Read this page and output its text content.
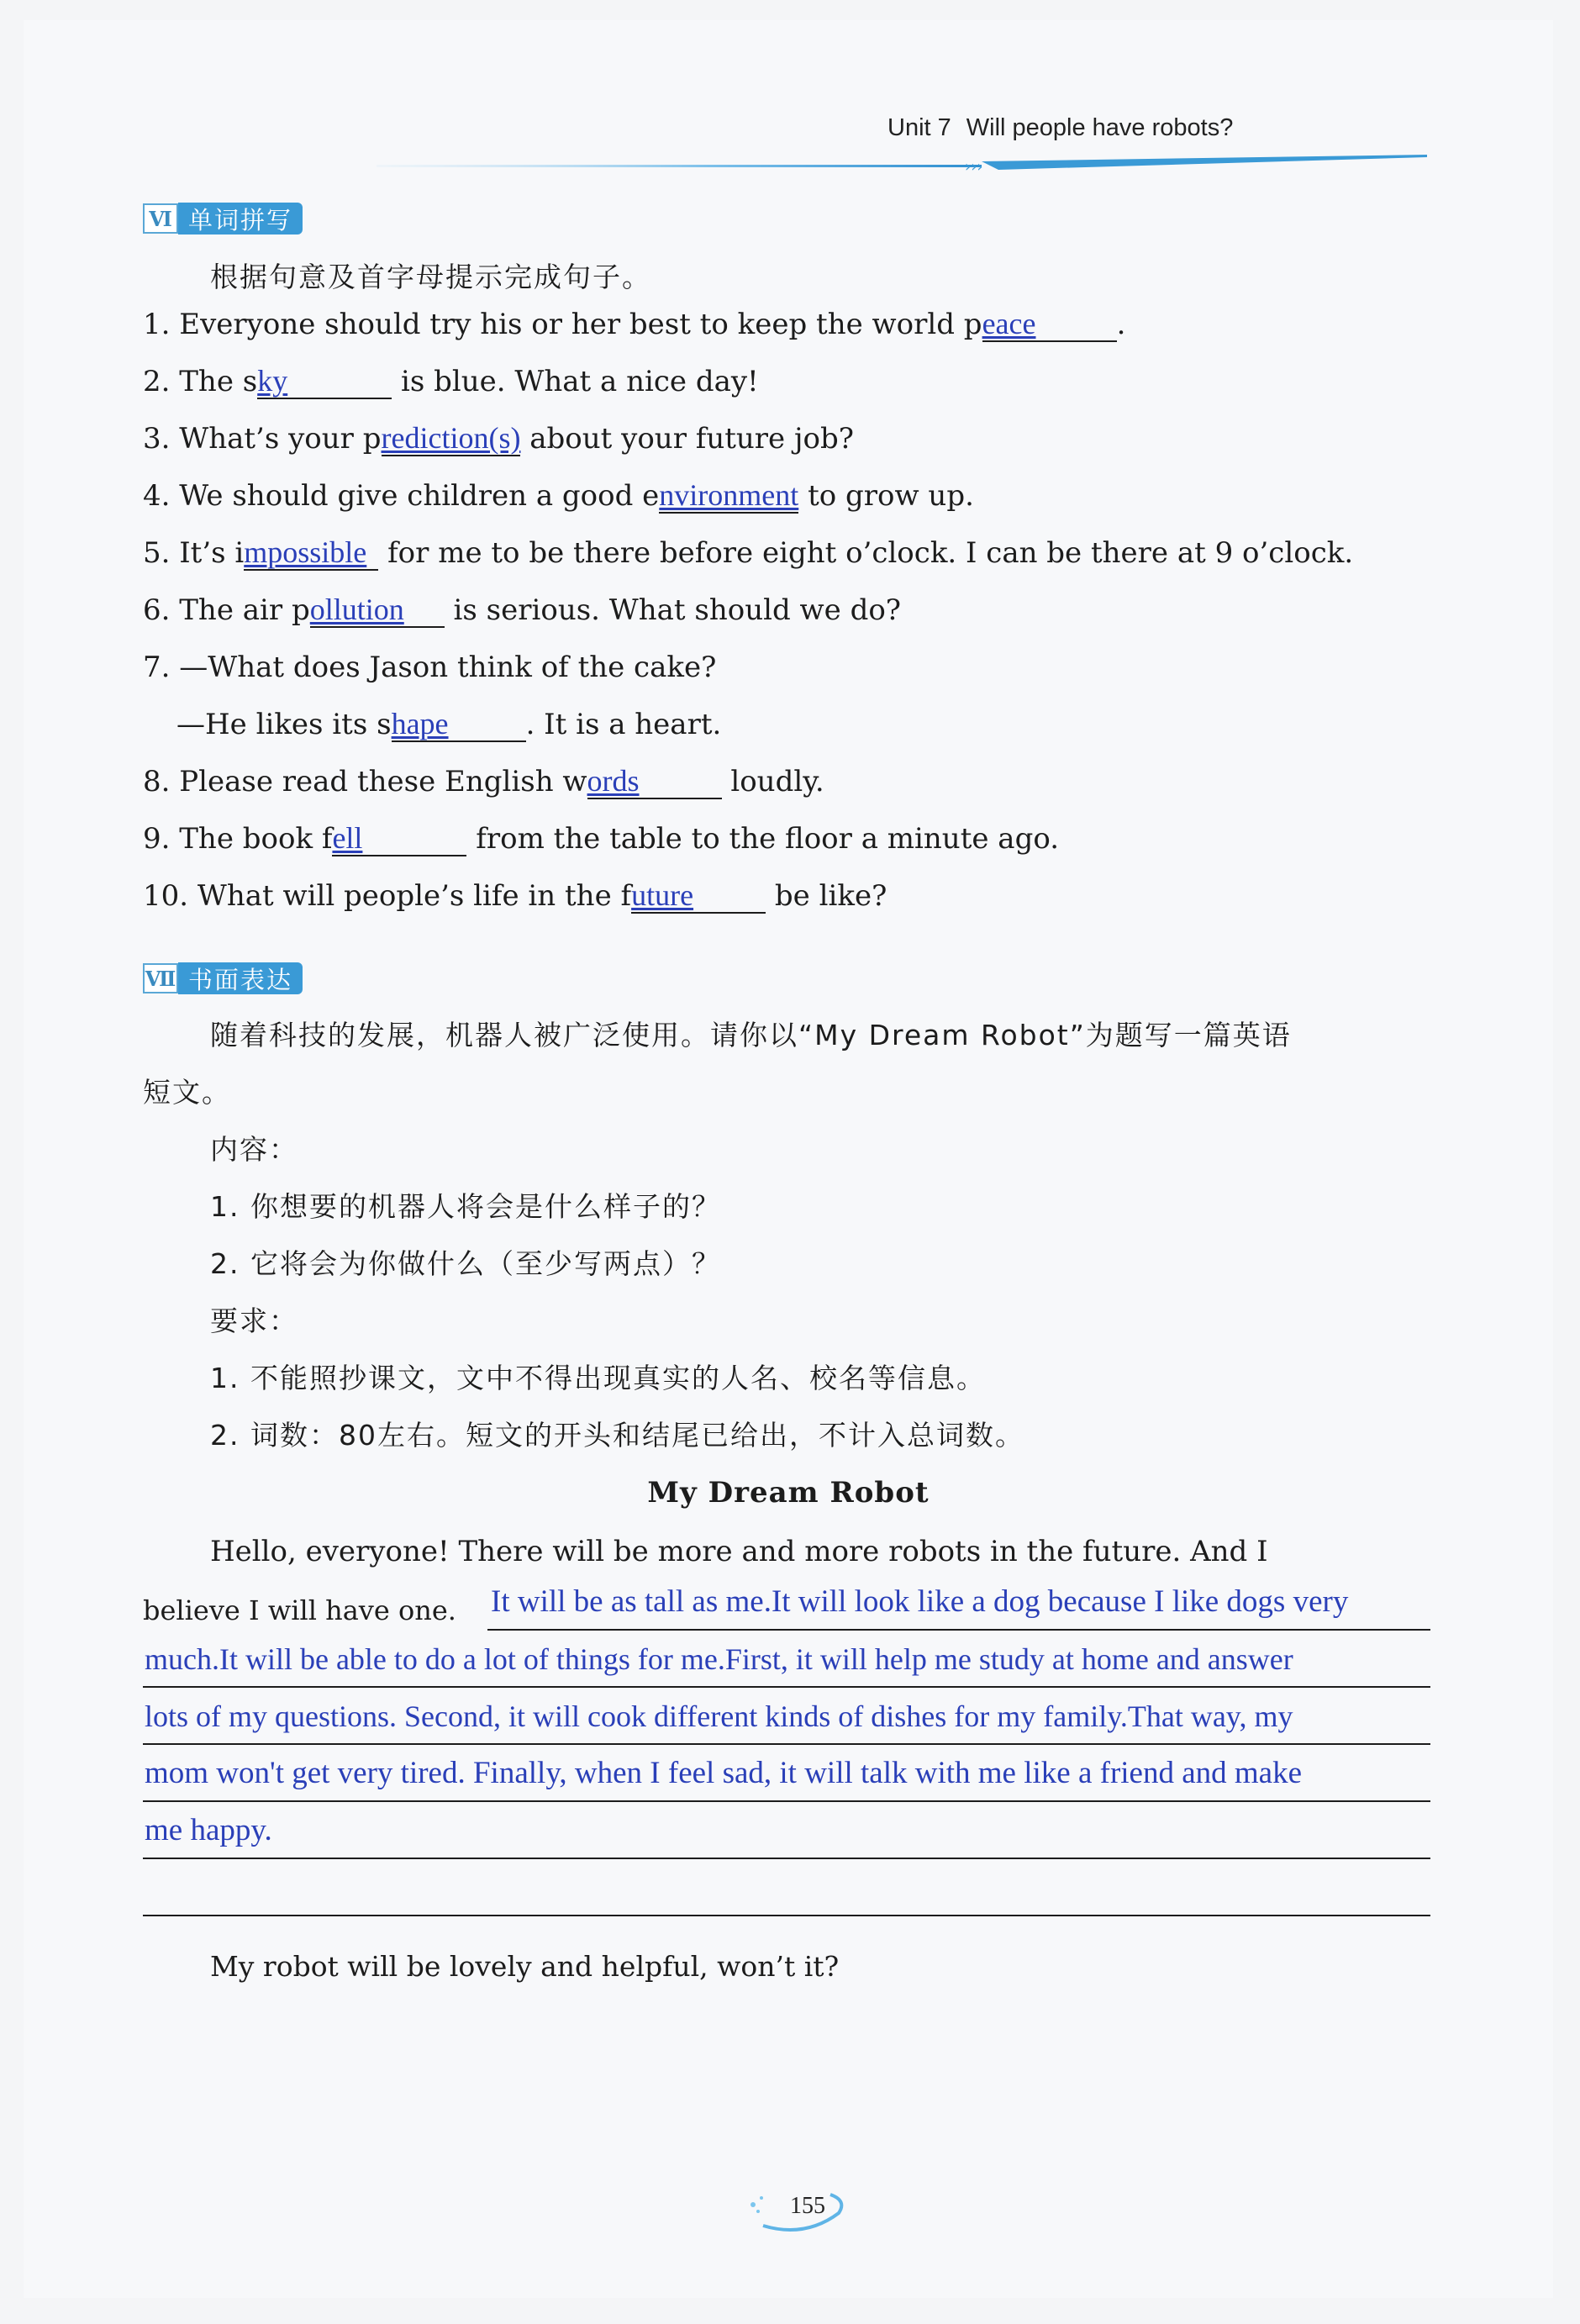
Unit 7 Will people have robots?
›››
Ⅵ 单词拼写
根据句意及首字母提示完成句子。
1. Everyone should try his or her best to keep the world peace	.
2. The sky	is blue. What a nice day!
3. What’s your prediction(s) about your future job?
4. We should give children a good environment to grow up.
5. It’s impossible for me to be there before eight o’clock. I can be there at 9 o’clock.
6. The air pollution is serious. What should we do?
7. —What does Jason think of the cake?
—He likes its shape	. It is a heart.
8. Please read these English words	loudly.
9. The book fell	from the table to the floor a minute ago.
10. What will people’s life in the future	be like?
Ⅶ 书面表达
随着科技的发展，机器人被广泛使用。请你以“My Dream Robot”为题写一篇英语
短文。
内容：
1. 你想要的机器人将会是什么样子的？
2. 它将会为你做什么（至少写两点）？
要求：
1. 不能照抄课文，文中不得出现真实的人名、校名等信息。
2. 词数：80左右。短文的开头和结尾已给出，不计入总词数。
My Dream Robot
Hello, everyone! There will be more and more robots in the future. And I
believe I will have one. It will be as tall as me.It will look like a dog because I like dogs very
much.It will be able to do a lot of things for me.First, it will help me study at home and answer
lots of my questions. Second, it will cook different kinds of dishes for my family.That way, my
mom won't get very tired. Finally, when I feel sad, it will talk with me like a friend and make
me happy.
My robot will be lovely and helpful, won’t it?
155
